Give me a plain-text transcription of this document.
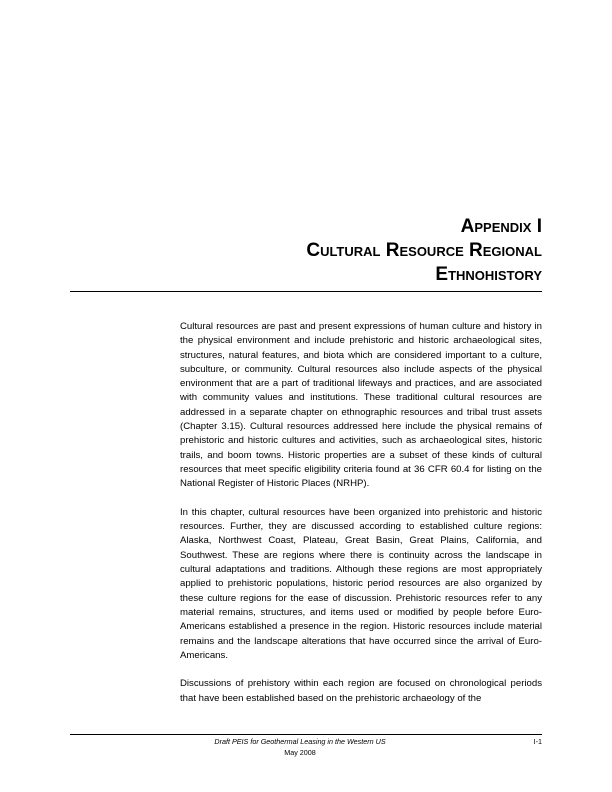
Appendix I
Cultural Resource Regional
Ethnohistory

Cultural resources are past and present expressions of human culture and history in the physical environment and include prehistoric and historic archaeological sites, structures, natural features, and biota which are considered important to a culture, subculture, or community. Cultural resources also include aspects of the physical environment that are a part of traditional lifeways and practices, and are associated with community values and institutions. These traditional cultural resources are addressed in a separate chapter on ethnographic resources and tribal trust assets (Chapter 3.15). Cultural resources addressed here include the physical remains of prehistoric and historic cultures and activities, such as archaeological sites, historic trails, and boom towns. Historic properties are a subset of these kinds of cultural resources that meet specific eligibility criteria found at 36 CFR 60.4 for listing on the National Register of Historic Places (NRHP).

In this chapter, cultural resources have been organized into prehistoric and historic resources. Further, they are discussed according to established culture regions: Alaska, Northwest Coast, Plateau, Great Basin, Great Plains, California, and Southwest. These are regions where there is continuity across the landscape in cultural adaptations and traditions. Although these regions are most appropriately applied to prehistoric populations, historic period resources are also organized by these culture regions for the ease of discussion. Prehistoric resources refer to any material remains, structures, and items used or modified by people before Euro-Americans established a presence in the region. Historic resources include material remains and the landscape alterations that have occurred since the arrival of Euro-Americans.

Discussions of prehistory within each region are focused on chronological periods that have been established based on the prehistoric archaeology of the

Draft PEIS for Geothermal Leasing in the Western US
May 2008
I-1
